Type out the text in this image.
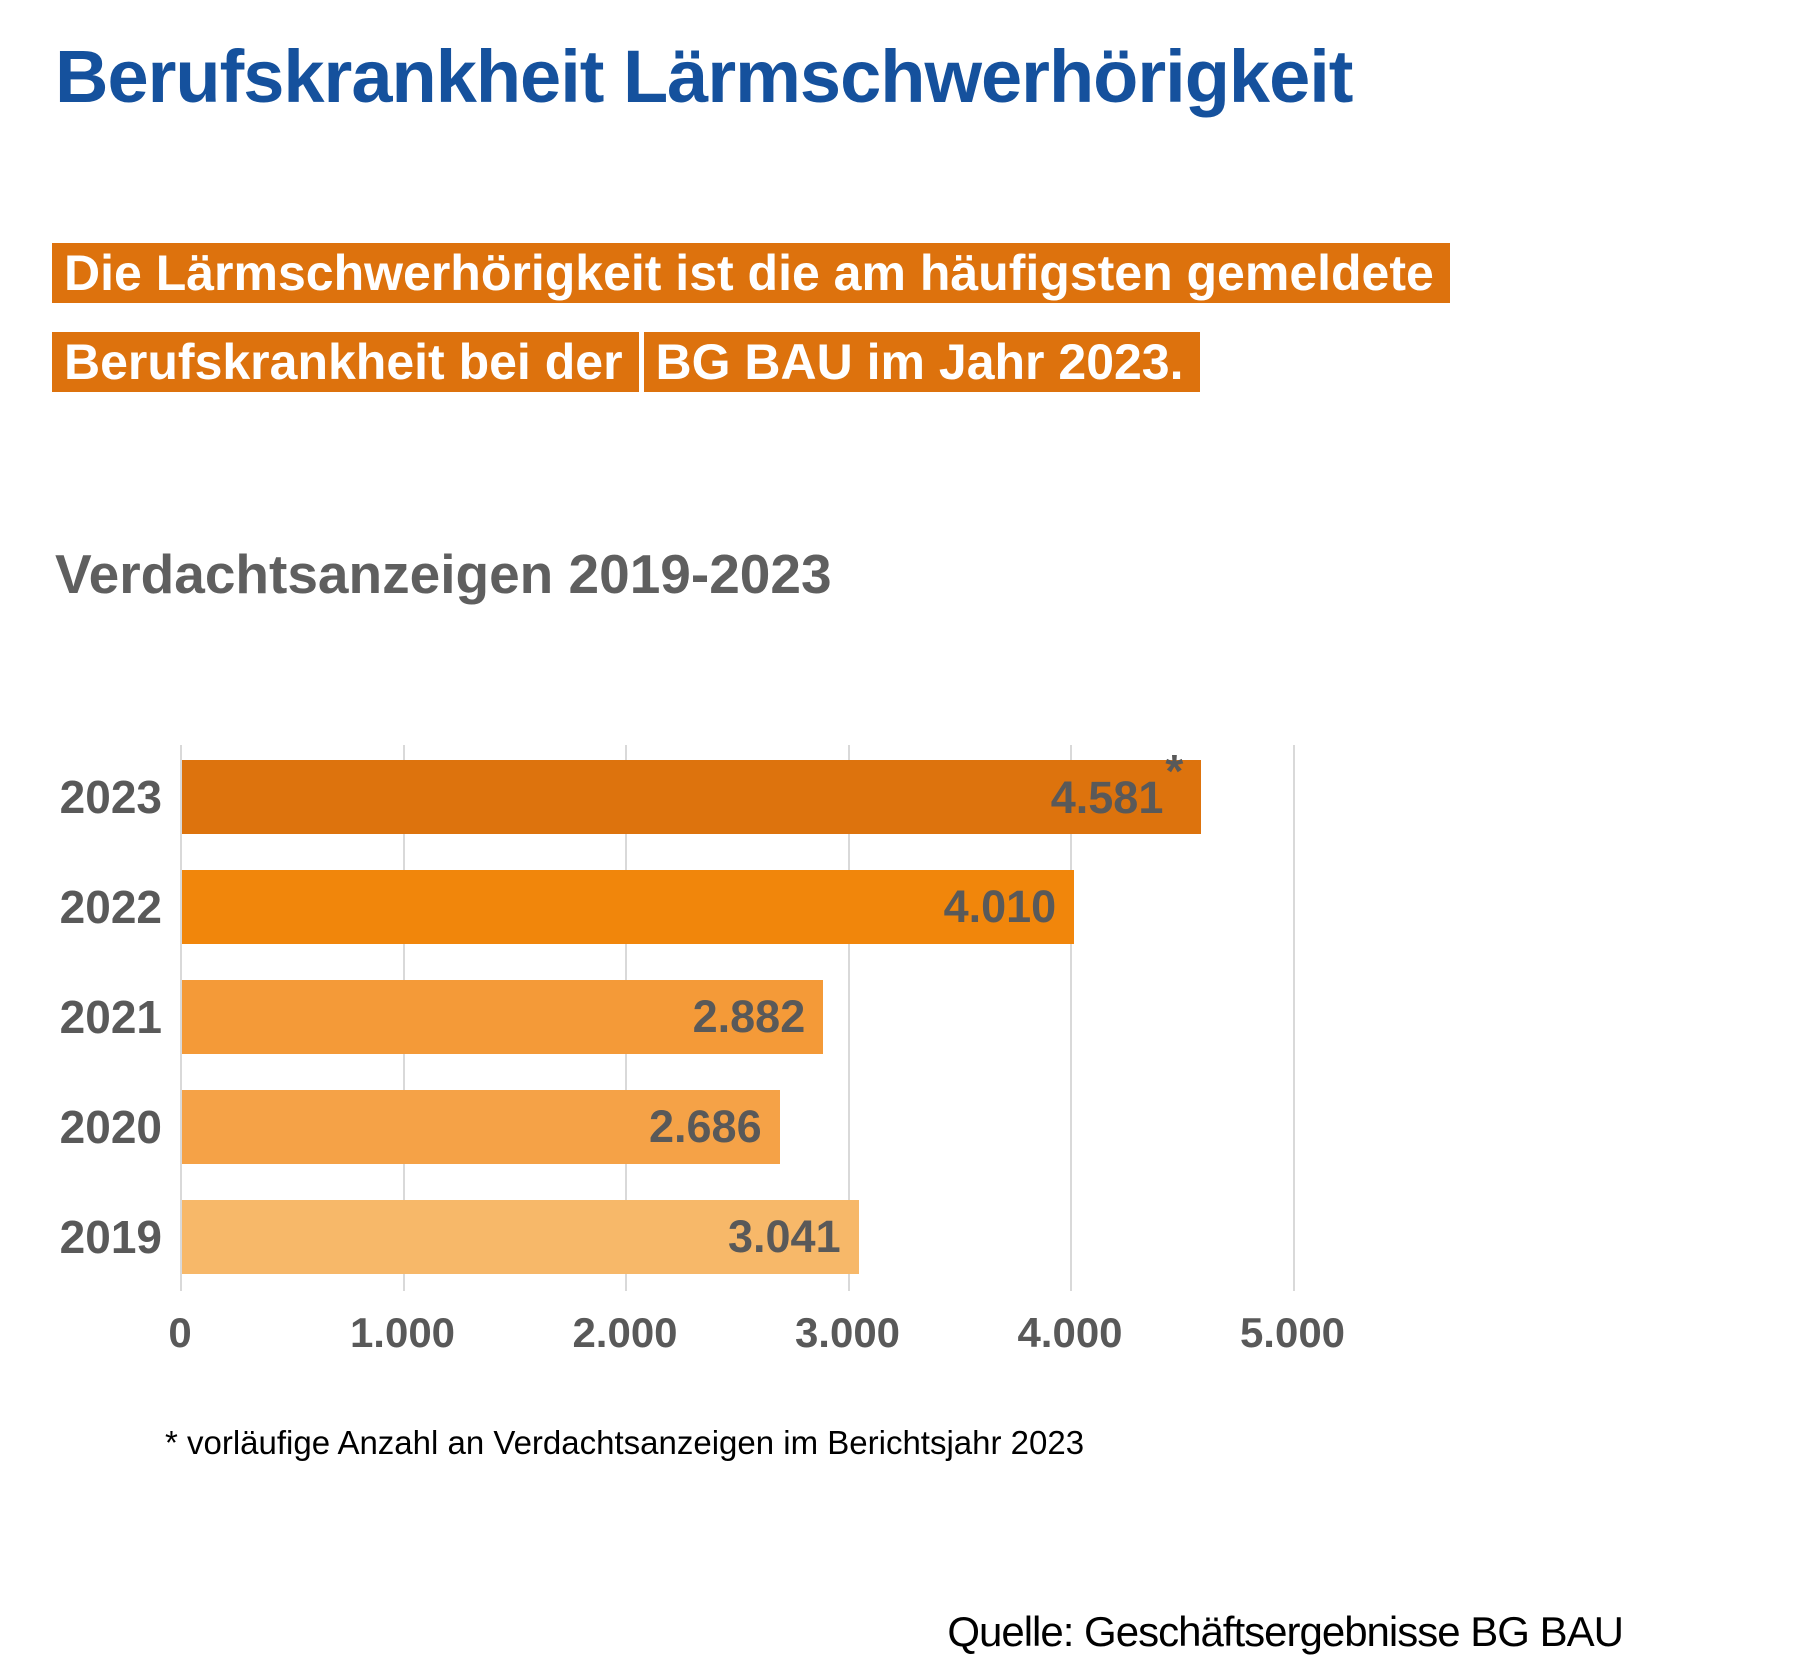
Berufskrankheit Lärmschwerhörigkeit
Die Lärmschwerhörigkeit ist die am häufigsten gemeldete
Berufskrankheit bei der BG BAU im Jahr 2023.
Verdachtsanzeigen 2019-2023
0	1.000	2.000	3.000	4.000	5.000
2023	4.581*
2022	4.010
2021	2.882
2020	2.686
2019	3.041

* vorläufige Anzahl an Verdachtsanzeigen im Berichtsjahr 2023

Quelle: Geschäftsergebnisse BG BAU
